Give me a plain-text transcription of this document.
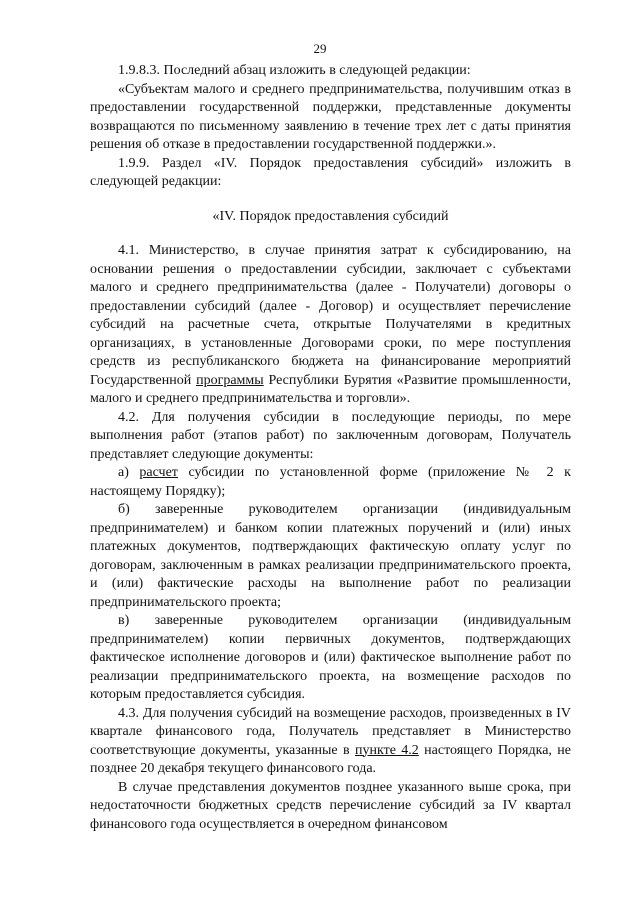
29

1.9.8.3. Последний абзац изложить в следующей редакции:

«Субъектам малого и среднего предпринимательства, получившим отказ в предоставлении государственной поддержки, представленные документы возвращаются по письменному заявлению в течение трех лет с даты принятия решения об отказе в предоставлении государственной поддержки.».

1.9.9. Раздел «IV. Порядок предоставления субсидий» изложить в следующей редакции:

«IV. Порядок предоставления субсидий

4.1. Министерство, в случае принятия затрат к субсидированию, на основании решения о предоставлении субсидии, заключает с субъектами малого и среднего предпринимательства (далее - Получатели) договоры о предоставлении субсидий (далее - Договор) и осуществляет перечисление субсидий на расчетные счета, открытые Получателями в кредитных организациях, в установленные Договорами сроки, по мере поступления средств из республиканского бюджета на финансирование мероприятий Государственной программы Республики Бурятия «Развитие промышленности, малого и среднего предпринимательства и торговли».

4.2. Для получения субсидии в последующие периоды, по мере выполнения работ (этапов работ) по заключенным договорам, Получатель представляет следующие документы:

а) расчет субсидии по установленной форме (приложение № 2 к настоящему Порядку);

б) заверенные руководителем организации (индивидуальным предпринимателем) и банком копии платежных поручений и (или) иных платежных документов, подтверждающих фактическую оплату услуг по договорам, заключенным в рамках реализации предпринимательского проекта, и (или) фактические расходы на выполнение работ по реализации предпринимательского проекта;

в) заверенные руководителем организации (индивидуальным предпринимателем) копии первичных документов, подтверждающих фактическое исполнение договоров и (или) фактическое выполнение работ по реализации предпринимательского проекта, на возмещение расходов по которым предоставляется субсидия.

4.3. Для получения субсидий на возмещение расходов, произведенных в IV квартале финансового года, Получатель представляет в Министерство соответствующие документы, указанные в пункте 4.2 настоящего Порядка, не позднее 20 декабря текущего финансового года.

В случае представления документов позднее указанного выше срока, при недостаточности бюджетных средств перечисление субсидий за IV квартал финансового года осуществляется в очередном финансовом
